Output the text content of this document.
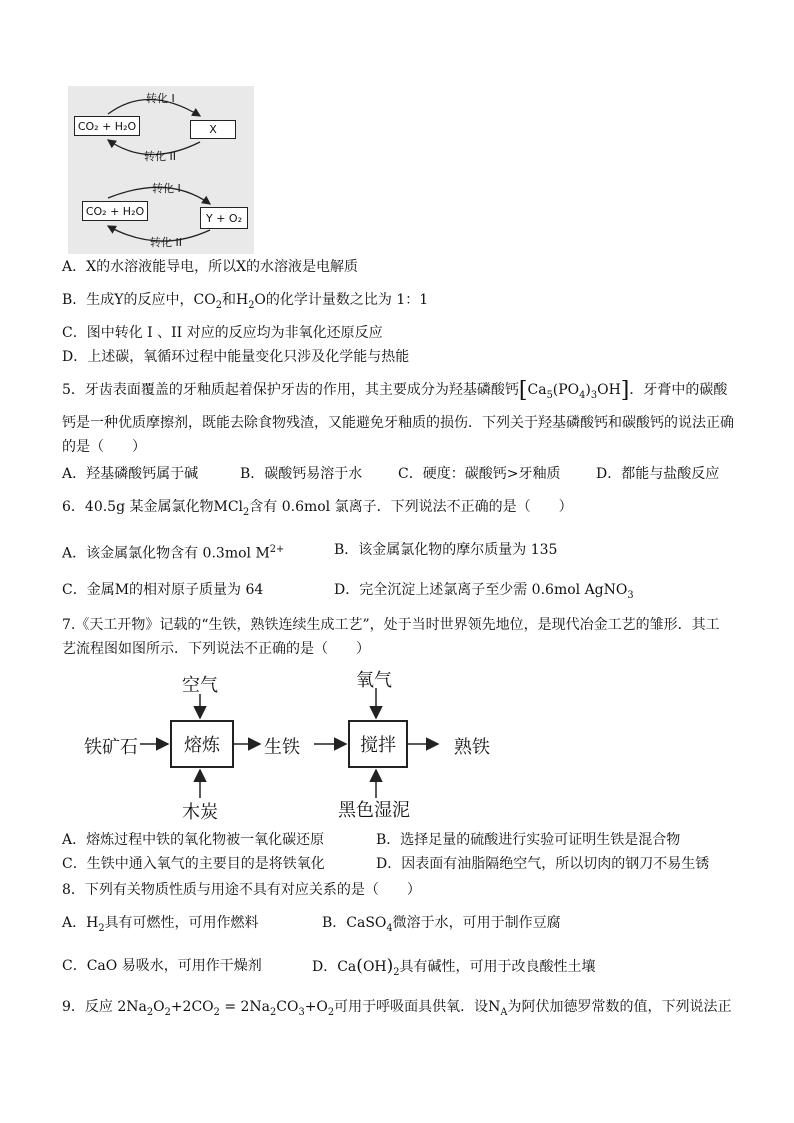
CO₂ + H₂O	X
转化 I
转化 II
CO₂ + H₂O
Y + O₂
转化 I
转化 II
A．X的水溶液能导电，所以X的水溶液是电解质
B．生成Y的反应中，$CO_2$和$H_2O$的化学计量数之比为 1：1
C．图中转化 I 、II 对应的反应均为非氧化还原反应
D．上述碳，氧循环过程中能量变化只涉及化学能与热能
5．牙齿表面覆盖的牙釉质起着保护牙齿的作用，其主要成分为羟基磷酸钙$[Ca_5(PO_4)_3OH]$．牙膏中的碳酸
钙是一种优质摩擦剂，既能去除食物残渣，又能避免牙釉质的损伤．下列关于羟基磷酸钙和碳酸钙的说法正确
的是（　　）
A．羟基磷酸钙属于碱	B．碳酸钙易溶于水	C．硬度：碳酸钙>牙釉质	D．都能与盐酸反应
6．40.5g 某金属氯化物MCl$_2$含有 0.6mol 氯离子．下列说法不正确的是（　　）
A．该金属氯化物含有 0.3mol $M^{2+}$	B．该金属氯化物的摩尔质量为 135
C．金属M的相对原子质量为 64	D．完全沉淀上述氯离子至少需 0.6mol AgNO$_3$
7.《天工开物》记载的“生铁，熟铁连续生成工艺”，处于当时世界领先地位，是现代冶金工艺的雏形．其工
艺流程图如图所示．下列说法不正确的是（　　）
铁矿石
空气
熔炼
木炭
生铁
氧气
搅拌
黑色湿泥
熟铁
A．熔炼过程中铁的氧化物被一氧化碳还原	B．选择足量的硫酸进行实验可证明生铁是混合物
C．生铁中通入氧气的主要目的是将铁氧化	D．因表面有油脂隔绝空气，所以切肉的钢刀不易生锈
8．下列有关物质性质与用途不具有对应关系的是（　　）
A．$H_2$具有可燃性，可用作燃料	B．CaSO$_4$微溶于水，可用于制作豆腐
C．CaO 易吸水，可用作干燥剂	D．$Ca(OH)_2$具有碱性，可用于改良酸性土壤
9．反应 $2Na_2O_2+2CO_2 = 2Na_2CO_3+O_2$可用于呼吸面具供氧．设$N_A$为阿伏加德罗常数的值，下列说法正
